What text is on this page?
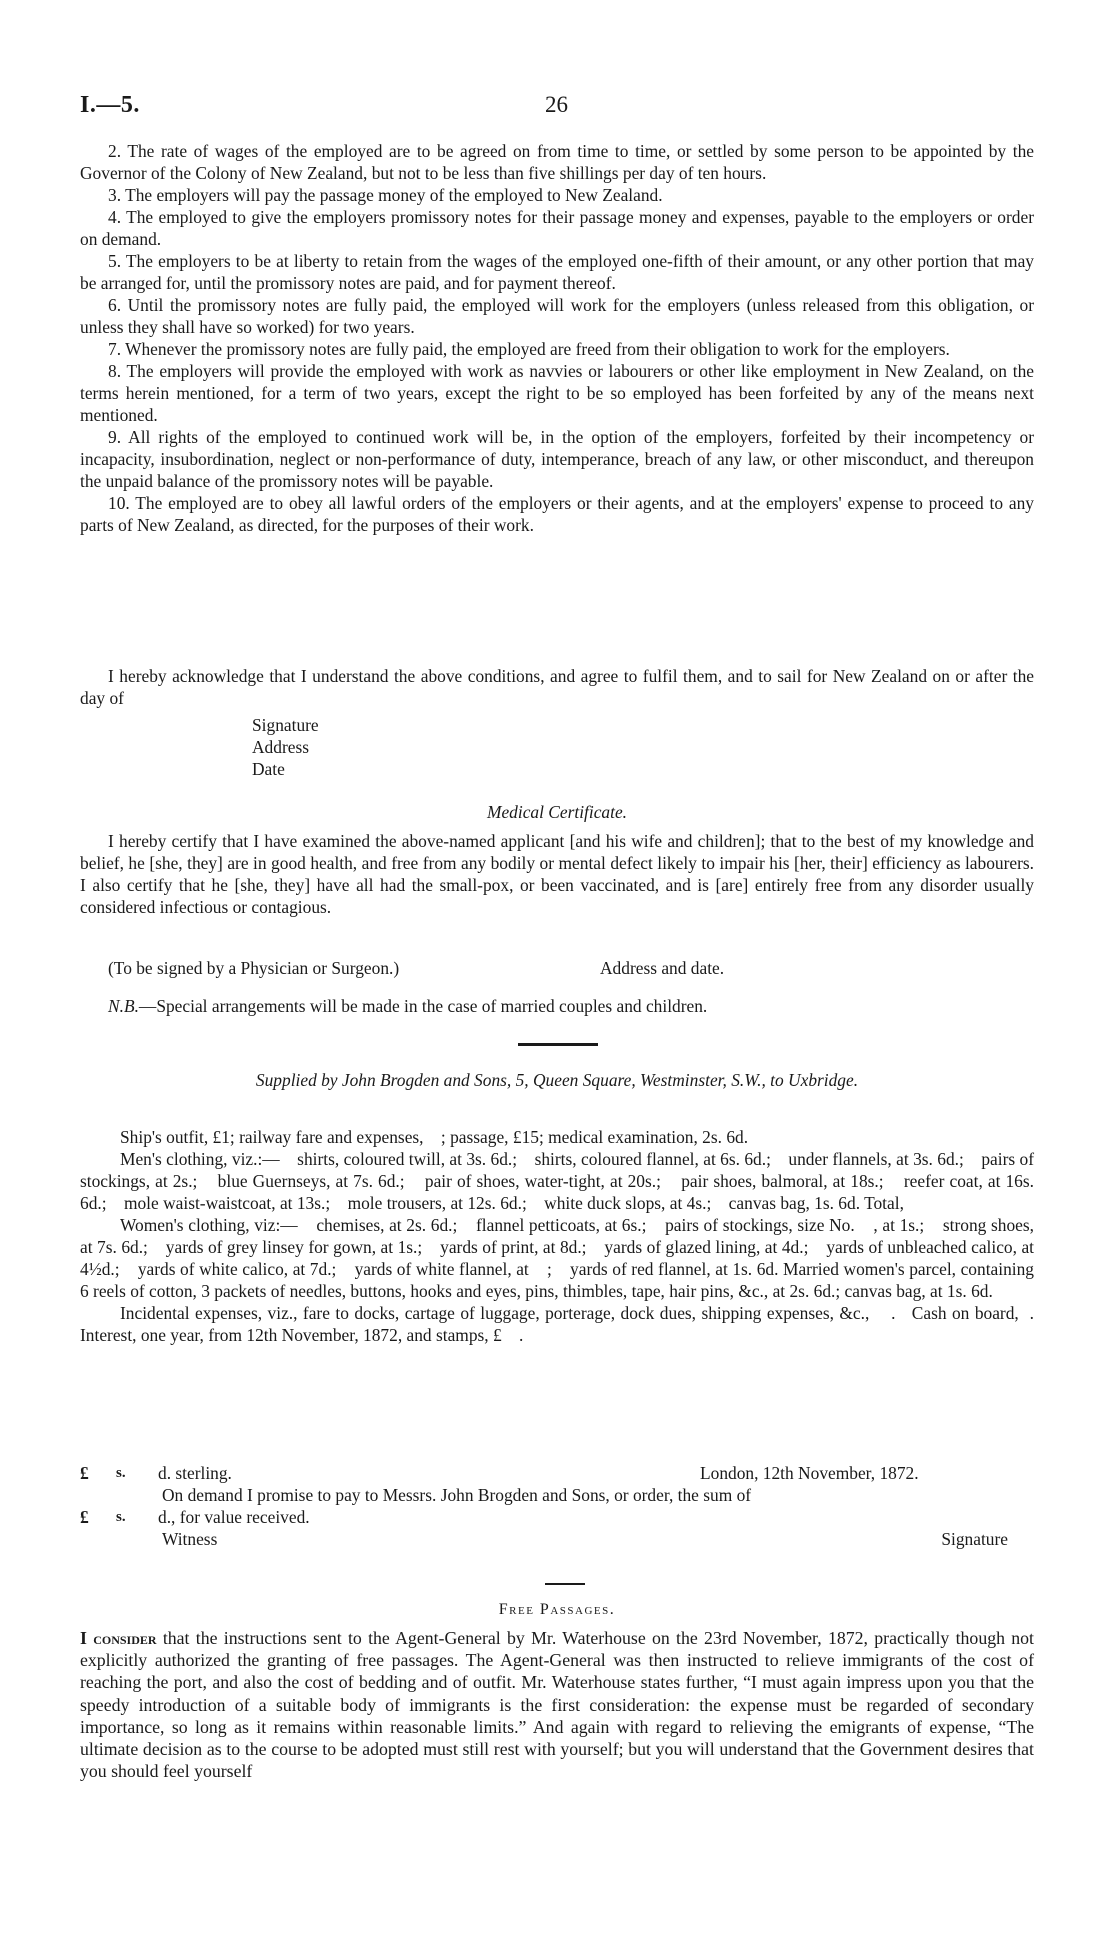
I.—5.	26

2. The rate of wages of the employed are to be agreed on from time to time, or settled by some person to be appointed by the Governor of the Colony of New Zealand, but not to be less than five shillings per day of ten hours.

3. The employers will pay the passage money of the employed to New Zealand.

4. The employed to give the employers promissory notes for their passage money and expenses, payable to the employers or order on demand.

5. The employers to be at liberty to retain from the wages of the employed one-fifth of their amount, or any other portion that may be arranged for, until the promissory notes are paid, and for payment thereof.

6. Until the promissory notes are fully paid, the employed will work for the employers (unless released from this obligation, or unless they shall have so worked) for two years.

7. Whenever the promissory notes are fully paid, the employed are freed from their obligation to work for the employers.

8. The employers will provide the employed with work as navvies or labourers or other like employment in New Zealand, on the terms herein mentioned, for a term of two years, except the right to be so employed has been forfeited by any of the means next mentioned.

9. All rights of the employed to continued work will be, in the option of the employers, forfeited by their incompetency or incapacity, insubordination, neglect or non-performance of duty, intemperance, breach of any law, or other misconduct, and thereupon the unpaid balance of the promissory notes will be payable.

10. The employed are to obey all lawful orders of the employers or their agents, and at the employers' expense to proceed to any parts of New Zealand, as directed, for the purposes of their work.

I hereby acknowledge that I understand the above conditions, and agree to fulfil them, and to sail for New Zealand on or after the            day of

Signature
Address
Date
Medical Certificate.

I hereby certify that I have examined the above-named applicant [and his wife and children]; that to the best of my knowledge and belief, he [she, they] are in good health, and free from any bodily or mental defect likely to impair his [her, their] efficiency as labourers. I also certify that he [she, they] have all had the small-pox, or been vaccinated, and is [are] entirely free from any disorder usually considered infectious or contagious.

(To be signed by a Physician or Surgeon.)	Address and date.
N.B.—Special arrangements will be made in the case of married couples and children.
Supplied by John Brogden and Sons, 5, Queen Square, Westminster, S.W., to Uxbridge.

Ship's outfit, £1; railway fare and expenses,    ; passage, £15; medical examination, 2s. 6d.

Men's clothing, viz.:—    shirts, coloured twill, at 3s. 6d.;    shirts, coloured flannel, at 6s. 6d.;    under flannels, at 3s. 6d.;    pairs of stockings, at 2s.;    blue Guernseys, at 7s. 6d.;    pair of shoes, water-tight, at 20s.;    pair shoes, balmoral, at 18s.;    reefer coat, at 16s. 6d.;    mole waist-waistcoat, at 13s.;    mole trousers, at 12s. 6d.;    white duck slops, at 4s.;    canvas bag, 1s. 6d. Total,

Women's clothing, viz:—    chemises, at 2s. 6d.;    flannel petticoats, at 6s.;    pairs of stockings, size No.    , at 1s.;    strong shoes, at 7s. 6d.;    yards of grey linsey for gown, at 1s.;    yards of print, at 8d.;    yards of glazed lining, at 4d.;    yards of unbleached calico, at 4½d.;    yards of white calico, at 7d.;    yards of white flannel, at    ;    yards of red flannel, at 1s. 6d. Married women's parcel, containing 6 reels of cotton, 3 packets of needles, buttons, hooks and eyes, pins, thimbles, tape, hair pins, &c., at 2s. 6d.; canvas bag, at 1s. 6d.

Incidental expenses, viz., fare to docks, cartage of luggage, porterage, dock dues, shipping expenses, &c.,    .   Cash on board,  .   Interest, one year, from 12th November, 1872, and stamps, £    .

£ s. d. sterling.	London, 12th November, 1872.
On demand I promise to pay to Messrs. John Brogden and Sons, or order, the sum of
£ s. d., for value received.
Witness	Signature
Free Passages.

I consider that the instructions sent to the Agent-General by Mr. Waterhouse on the 23rd November, 1872, practically though not explicitly authorized the granting of free passages. The Agent-General was then instructed to relieve immigrants of the cost of reaching the port, and also the cost of bedding and of outfit. Mr. Waterhouse states further, “I must again impress upon you that the speedy introduction of a suitable body of immigrants is the first consideration: the expense must be regarded of secondary importance, so long as it remains within reasonable limits.” And again with regard to relieving the emigrants of expense, “The ultimate decision as to the course to be adopted must still rest with yourself; but you will understand that the Government desires that you should feel yourself
